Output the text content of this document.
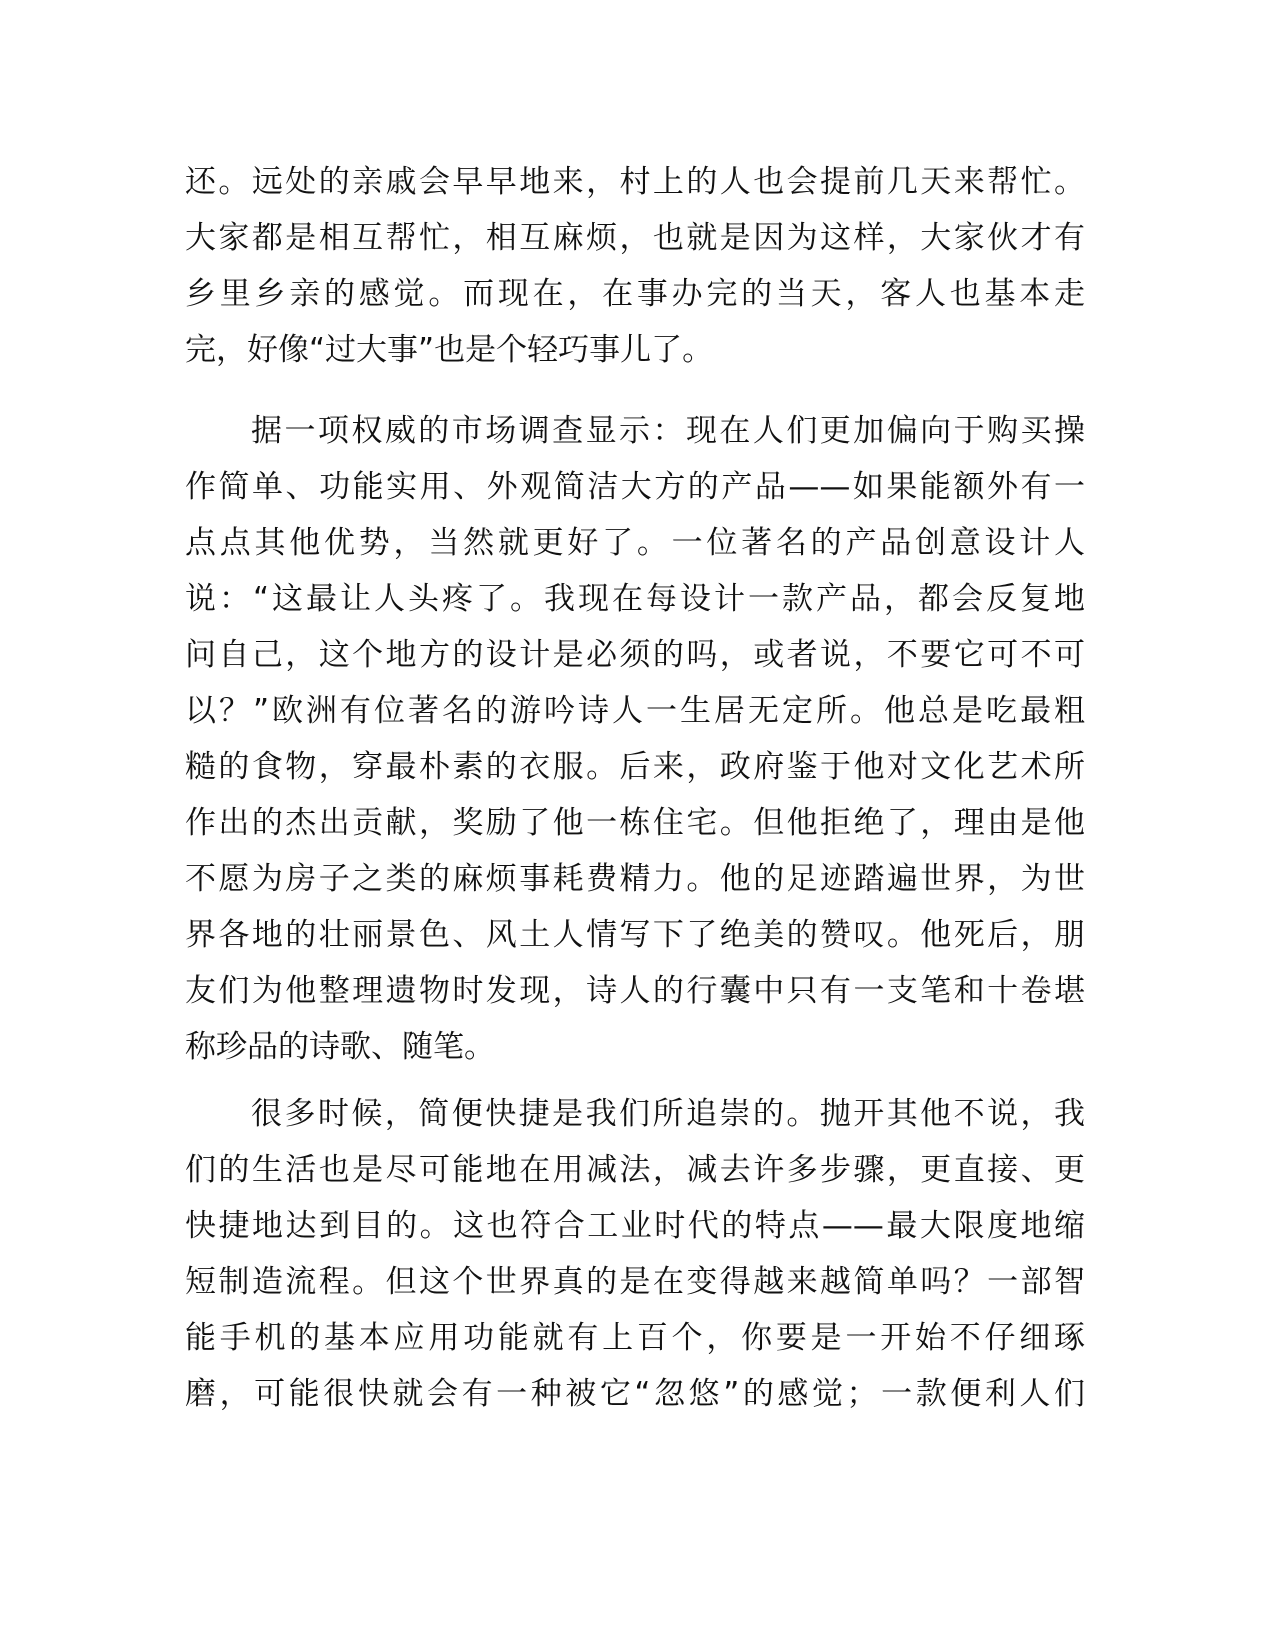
还。远处的亲戚会早早地来，村上的人也会提前几天来帮忙。
大家都是相互帮忙，相互麻烦，也就是因为这样，大家伙才有
乡里乡亲的感觉。而现在，在事办完的当天，客人也基本走
完，好像“过大事”也是个轻巧事儿了。
据一项权威的市场调查显示：现在人们更加偏向于购买操
作简单、功能实用、外观简洁大方的产品——如果能额外有一
点点其他优势，当然就更好了。一位著名的产品创意设计人
说：“这最让人头疼了。我现在每设计一款产品，都会反复地
问自己，这个地方的设计是必须的吗，或者说，不要它可不可
以？”欧洲有位著名的游吟诗人一生居无定所。他总是吃最粗
糙的食物，穿最朴素的衣服。后来，政府鉴于他对文化艺术所
作出的杰出贡献，奖励了他一栋住宅。但他拒绝了，理由是他
不愿为房子之类的麻烦事耗费精力。他的足迹踏遍世界，为世
界各地的壮丽景色、风土人情写下了绝美的赞叹。他死后，朋
友们为他整理遗物时发现，诗人的行囊中只有一支笔和十卷堪
称珍品的诗歌、随笔。
很多时候，简便快捷是我们所追崇的。抛开其他不说，我
们的生活也是尽可能地在用减法，减去许多步骤，更直接、更
快捷地达到目的。这也符合工业时代的特点——最大限度地缩
短制造流程。但这个世界真的是在变得越来越简单吗？一部智
能手机的基本应用功能就有上百个，你要是一开始不仔细琢
磨，可能很快就会有一种被它“忽悠”的感觉；一款便利人们
